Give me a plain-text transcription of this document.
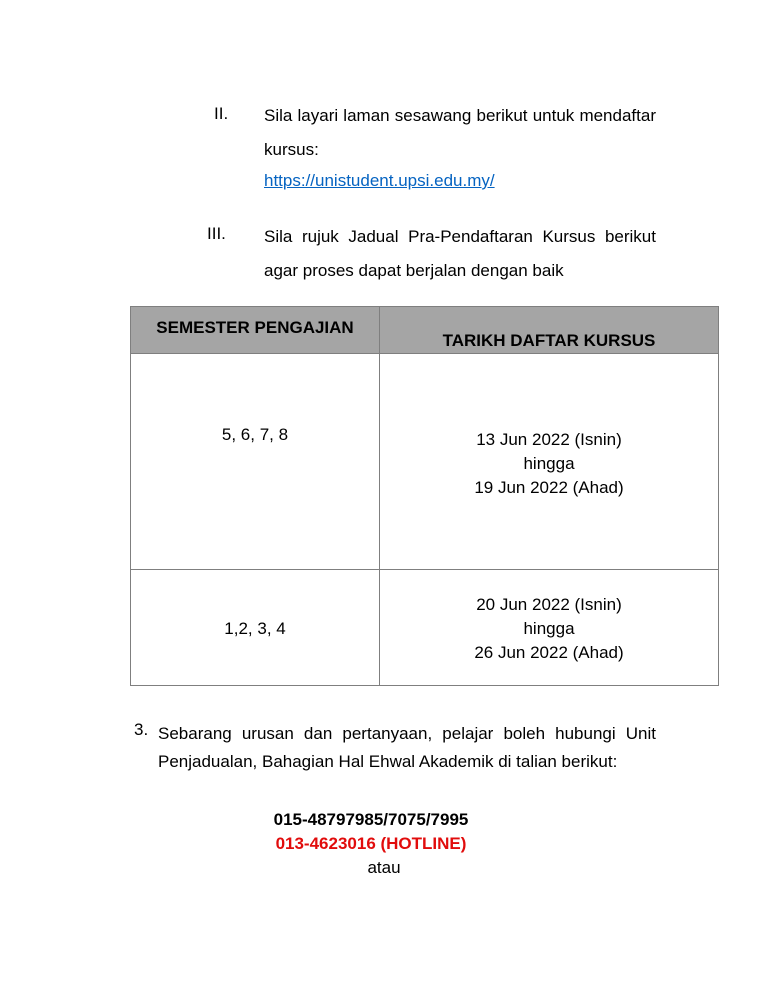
II. Sila layari laman sesawang berikut untuk mendaftar
kursus:
https://unistudent.upsi.edu.my/
III. Sila rujuk Jadual Pra-Pendaftaran Kursus berikut
agar proses dapat berjalan dengan baik
SEMESTER PENGAJIAN	TARIKH DAFTAR KURSUS

5, 6, 7, 8	13 Jun 2022 (Isnin)
hingga
19 Jun 2022 (Ahad)

1,2, 3, 4	20 Jun 2022 (Isnin)
hingga
26 Jun 2022 (Ahad)
3. Sebarang urusan dan pertanyaan, pelajar boleh hubungi Unit
Penjadualan, Bahagian Hal Ehwal Akademik di talian berikut:
015-48797985/7075/7995
013-4623016 (HOTLINE)
atau
